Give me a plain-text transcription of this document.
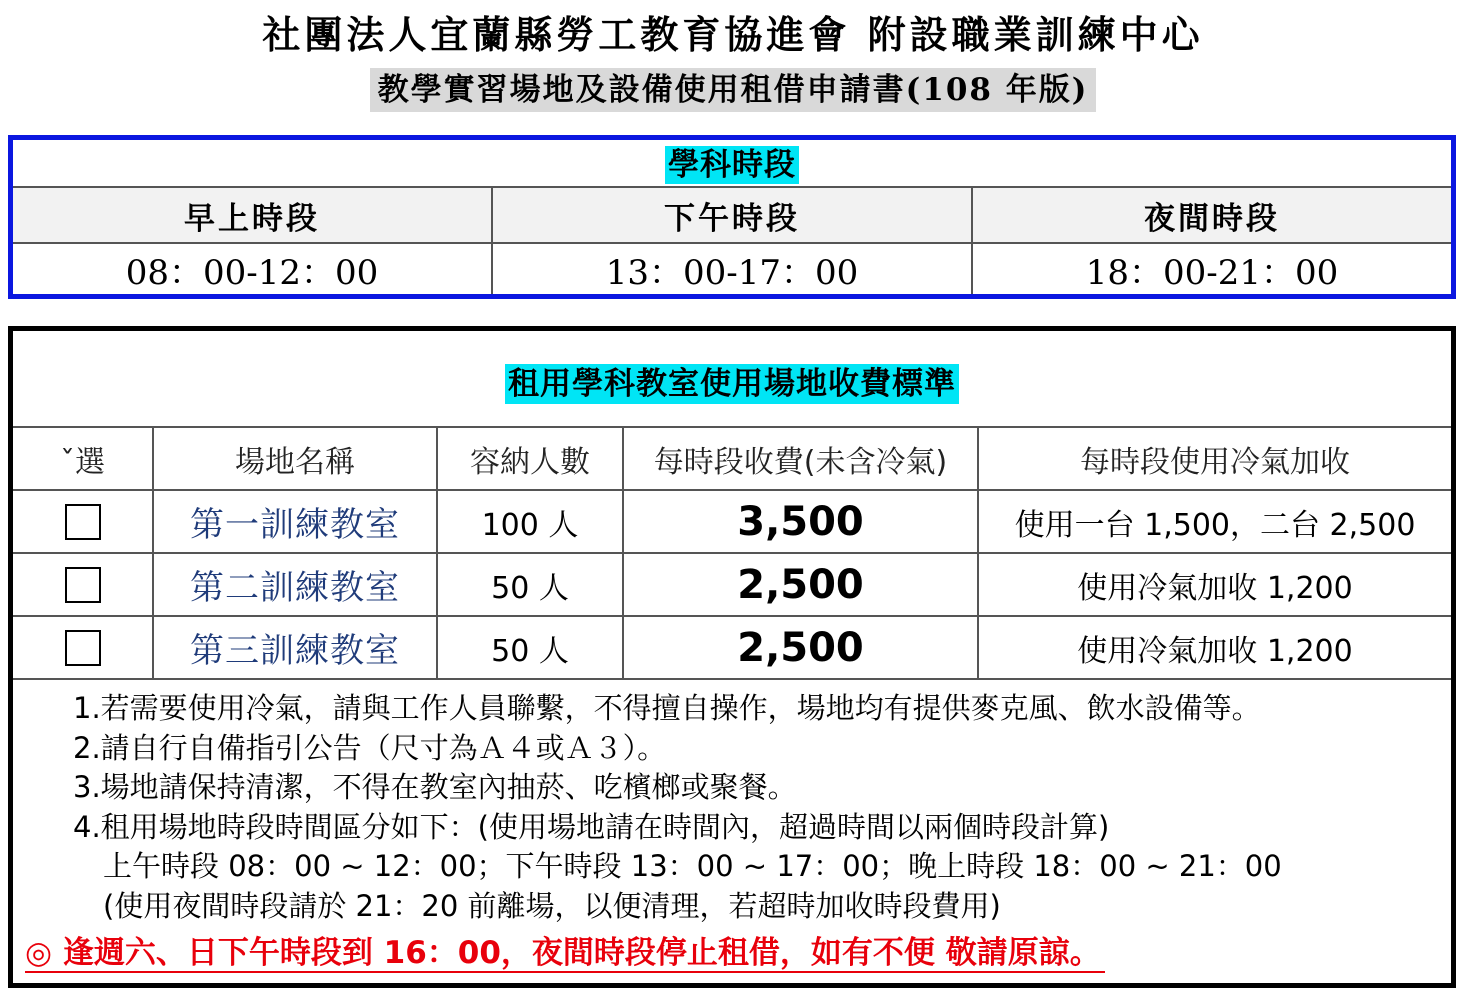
社團法人宜蘭縣勞工教育協進會 附設職業訓練中心
教學實習場地及設備使用租借申請書(108 年版)
學科時段
早上時段	下午時段	夜間時段
08：00-12：00	13：00-17：00	18：00-21：00
租用學科教室使用場地收費標準
ˇ選	場地名稱	容納人數	每時段收費(未含冷氣)	每時段使用冷氣加收
第一訓練教室	100 人	3,500	使用一台 1,500，二台 2,500
第二訓練教室	50 人	2,500	使用冷氣加收 1,200
第三訓練教室	50 人	2,500	使用冷氣加收 1,200
1.若需要使用冷氣，請與工作人員聯繫，不得擅自操作，場地均有提供麥克風、飲水設備等。
2.請自行自備指引公告（尺寸為Ａ４或Ａ３）。
3.場地請保持清潔，不得在教室內抽菸、吃檳榔或聚餐。
4.租用場地時段時間區分如下：(使用場地請在時間內，超過時間以兩個時段計算)
上午時段 08：00 ~ 12：00；下午時段 13：00 ~ 17：00；晚上時段 18：00 ~ 21：00
(使用夜間時段請於 21：20 前離場，以便清理，若超時加收時段費用)
◎ 逢週六、日下午時段到 16：00，夜間時段停止租借，如有不便 敬請原諒。
